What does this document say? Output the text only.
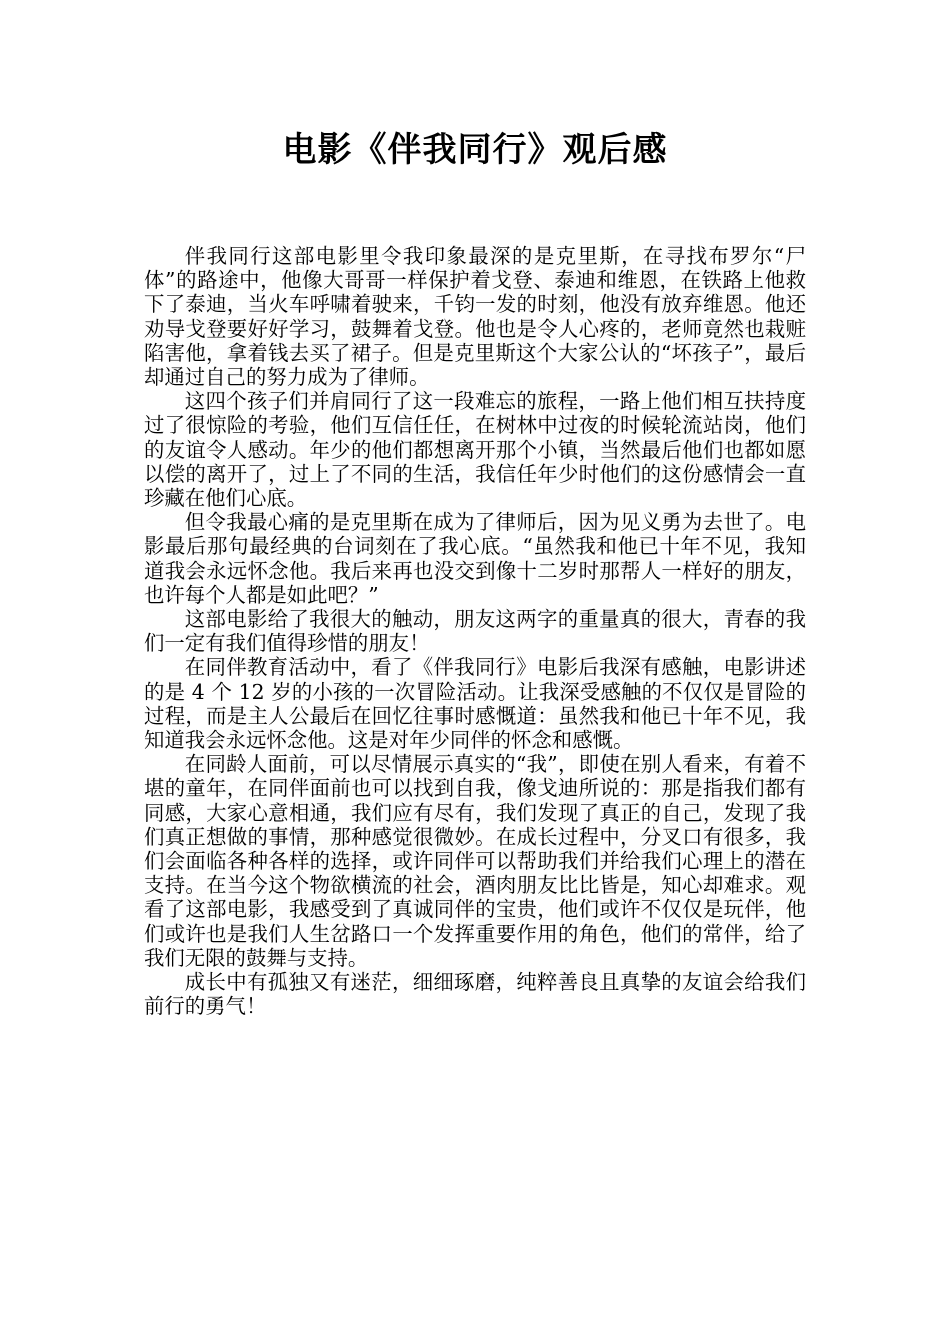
电影《伴我同行》观后感

伴我同行这部电影里令我印象最深的是克里斯，在寻找布罗尔“尸体”的路途中，他像大哥哥一样保护着戈登、泰迪和维恩，在铁路上他救下了泰迪，当火车呼啸着驶来，千钧一发的时刻，他没有放弃维恩。他还劝导戈登要好好学习，鼓舞着戈登。他也是令人心疼的，老师竟然也栽赃陷害他，拿着钱去买了裙子。但是克里斯这个大家公认的“坏孩子”，最后却通过自己的努力成为了律师。

这四个孩子们并肩同行了这一段难忘的旅程，一路上他们相互扶持度过了很惊险的考验，他们互信任任，在树林中过夜的时候轮流站岗，他们的友谊令人感动。年少的他们都想离开那个小镇，当然最后他们也都如愿以偿的离开了，过上了不同的生活，我信任年少时他们的这份感情会一直珍藏在他们心底。

但令我最心痛的是克里斯在成为了律师后，因为见义勇为去世了。电影最后那句最经典的台词刻在了我心底。“虽然我和他已十年不见，我知道我会永远怀念他。我后来再也没交到像十二岁时那帮人一样好的朋友，也许每个人都是如此吧？”

这部电影给了我很大的触动，朋友这两字的重量真的很大，青春的我们一定有我们值得珍惜的朋友！

在同伴教育活动中，看了《伴我同行》电影后我深有感触，电影讲述的是 4 个 12 岁的小孩的一次冒险活动。让我深受感触的不仅仅是冒险的过程，而是主人公最后在回忆往事时感慨道：虽然我和他已十年不见，我知道我会永远怀念他。这是对年少同伴的怀念和感慨。

在同龄人面前，可以尽情展示真实的“我”，即使在别人看来，有着不堪的童年，在同伴面前也可以找到自我，像戈迪所说的：那是指我们都有同感，大家心意相通，我们应有尽有，我们发现了真正的自己，发现了我们真正想做的事情，那种感觉很微妙。在成长过程中，分叉口有很多，我们会面临各种各样的选择，或许同伴可以帮助我们并给我们心理上的潜在支持。在当今这个物欲横流的社会，酒肉朋友比比皆是，知心却难求。观看了这部电影，我感受到了真诚同伴的宝贵，他们或许不仅仅是玩伴，他们或许也是我们人生岔路口一个发挥重要作用的角色，他们的常伴，给了我们无限的鼓舞与支持。

成长中有孤独又有迷茫，细细琢磨，纯粹善良且真挚的友谊会给我们前行的勇气！
